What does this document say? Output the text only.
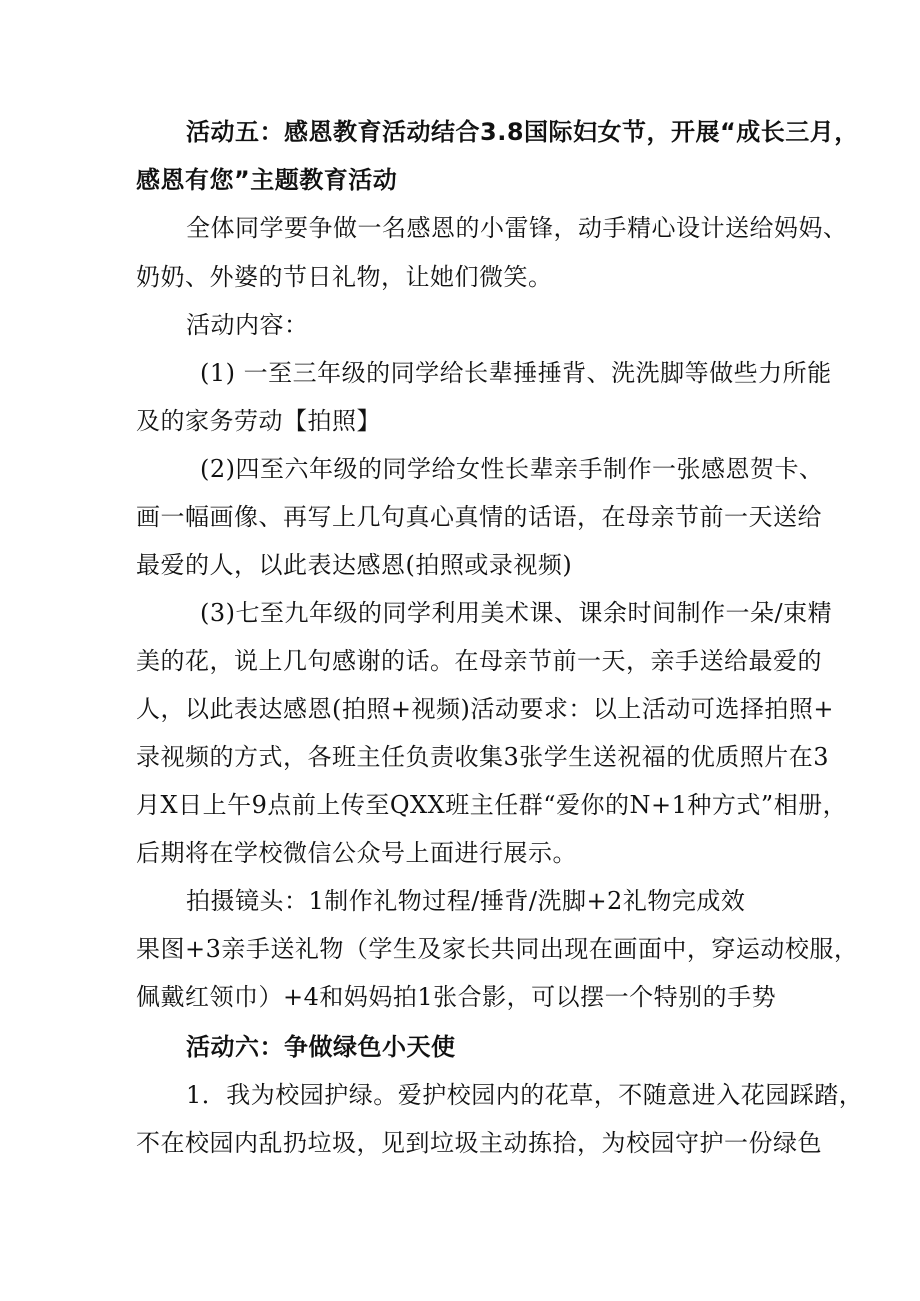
活动五：感恩教育活动结合3.8国际妇女节，开展“成长三月，
感恩有您”主题教育活动
全体同学要争做一名感恩的小雷锋，动手精心设计送给妈妈、
奶奶、外婆的节日礼物，让她们微笑。
活动内容：
(1) 一至三年级的同学给长辈捶捶背、洗洗脚等做些力所能
及的家务劳动【拍照】
(2)四至六年级的同学给女性长辈亲手制作一张感恩贺卡、
画一幅画像、再写上几句真心真情的话语，在母亲节前一天送给
最爱的人，以此表达感恩(拍照或录视频)
(3)七至九年级的同学利用美术课、课余时间制作一朵/束精
美的花，说上几句感谢的话。在母亲节前一天，亲手送给最爱的
人，以此表达感恩(拍照+视频)活动要求：以上活动可选择拍照+
录视频的方式，各班主任负责收集3张学生送祝福的优质照片在3
月X日上午9点前上传至QXX班主任群“爱你的N+1种方式”相册，
后期将在学校微信公众号上面进行展示。
拍摄镜头：1制作礼物过程/捶背/洗脚+2礼物完成效
果图+3亲手送礼物（学生及家长共同出现在画面中，穿运动校服，
佩戴红领巾）+4和妈妈拍1张合影，可以摆一个特别的手势
活动六：争做绿色小天使
1．我为校园护绿。爱护校园内的花草，不随意进入花园踩踏，
不在校园内乱扔垃圾，见到垃圾主动拣拾，为校园守护一份绿色
